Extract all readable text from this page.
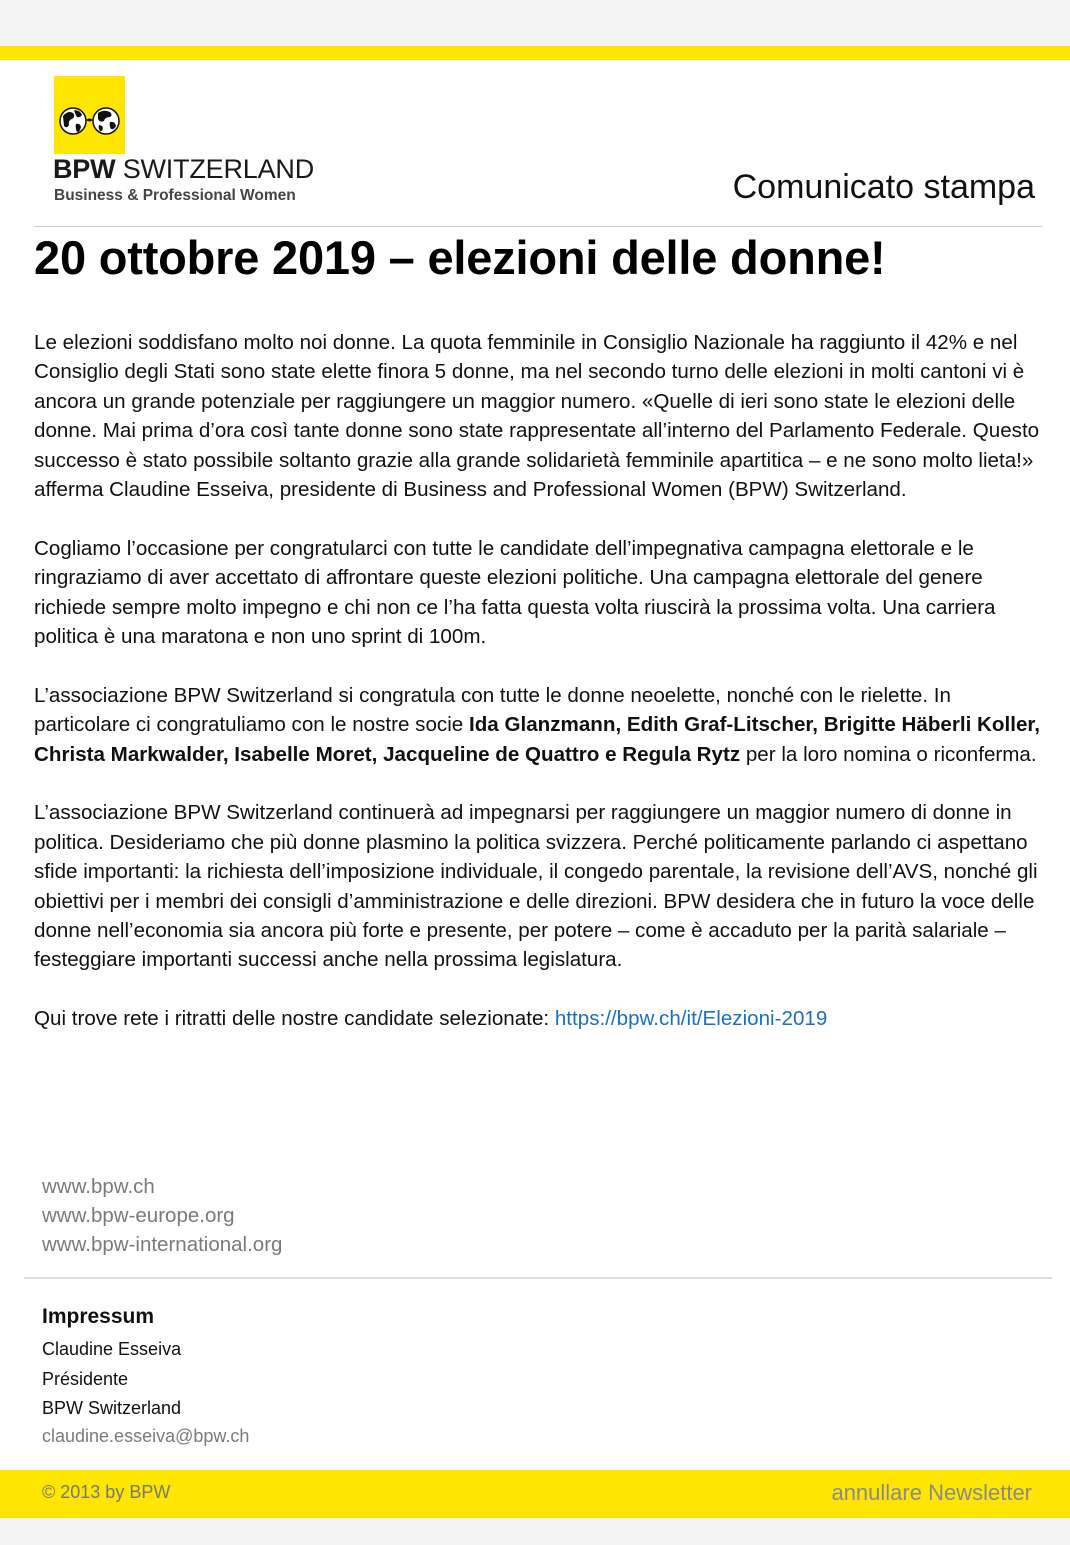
BPW SWITZERLAND
Business & Professional Women	Comunicato stampa
20 ottobre 2019 – elezioni delle donne!

Le elezioni soddisfano molto noi donne. La quota femminile in Consiglio Nazionale ha raggiunto il 42% e nel Consiglio degli Stati sono state elette finora 5 donne, ma nel secondo turno delle elezioni in molti cantoni vi è ancora un grande potenziale per raggiungere un maggior numero. «Quelle di ieri sono state le elezioni delle donne. Mai prima d’ora così tante donne sono state rappresentate all’interno del Parlamento Federale. Questo successo è stato possibile soltanto grazie alla grande solidarietà femminile apartitica – e ne sono molto lieta!» afferma Claudine Esseiva, presidente di Business and Professional Women (BPW) Switzerland.

Cogliamo l’occasione per congratularci con tutte le candidate dell’impegnativa campagna elettorale e le ringraziamo di aver accettato di affrontare queste elezioni politiche. Una campagna elettorale del genere richiede sempre molto impegno e chi non ce l’ha fatta questa volta riuscirà la prossima volta. Una carriera politica è una maratona e non uno sprint di 100m.

L’associazione BPW Switzerland si congratula con tutte le donne neoelette, nonché con le rielette. In particolare ci congratuliamo con le nostre socie Ida Glanzmann, Edith Graf-Litscher, Brigitte Häberli Koller, Christa Markwalder, Isabelle Moret, Jacqueline de Quattro e Regula Rytz per la loro nomina o riconferma.

L’associazione BPW Switzerland continuerà ad impegnarsi per raggiungere un maggior numero di donne in politica. Desideriamo che più donne plasmino la politica svizzera. Perché politicamente parlando ci aspettano sfide importanti: la richiesta dell’imposizione individuale, il congedo parentale, la revisione dell’AVS, nonché gli obiettivi per i membri dei consigli d’amministrazione e delle direzioni. BPW desidera che in futuro la voce delle donne nell’economia sia ancora più forte e presente, per potere – come è accaduto per la parità salariale – festeggiare importanti successi anche nella prossima legislatura.

Qui trove rete i ritratti delle nostre candidate selezionate: https://bpw.ch/it/Elezioni-2019

www.bpw.ch
www.bpw-europe.org
www.bpw-international.org
Impressum
Claudine Esseiva
Présidente
BPW Switzerland
claudine.esseiva@bpw.ch
© 2013 by BPW	annullare Newsletter
